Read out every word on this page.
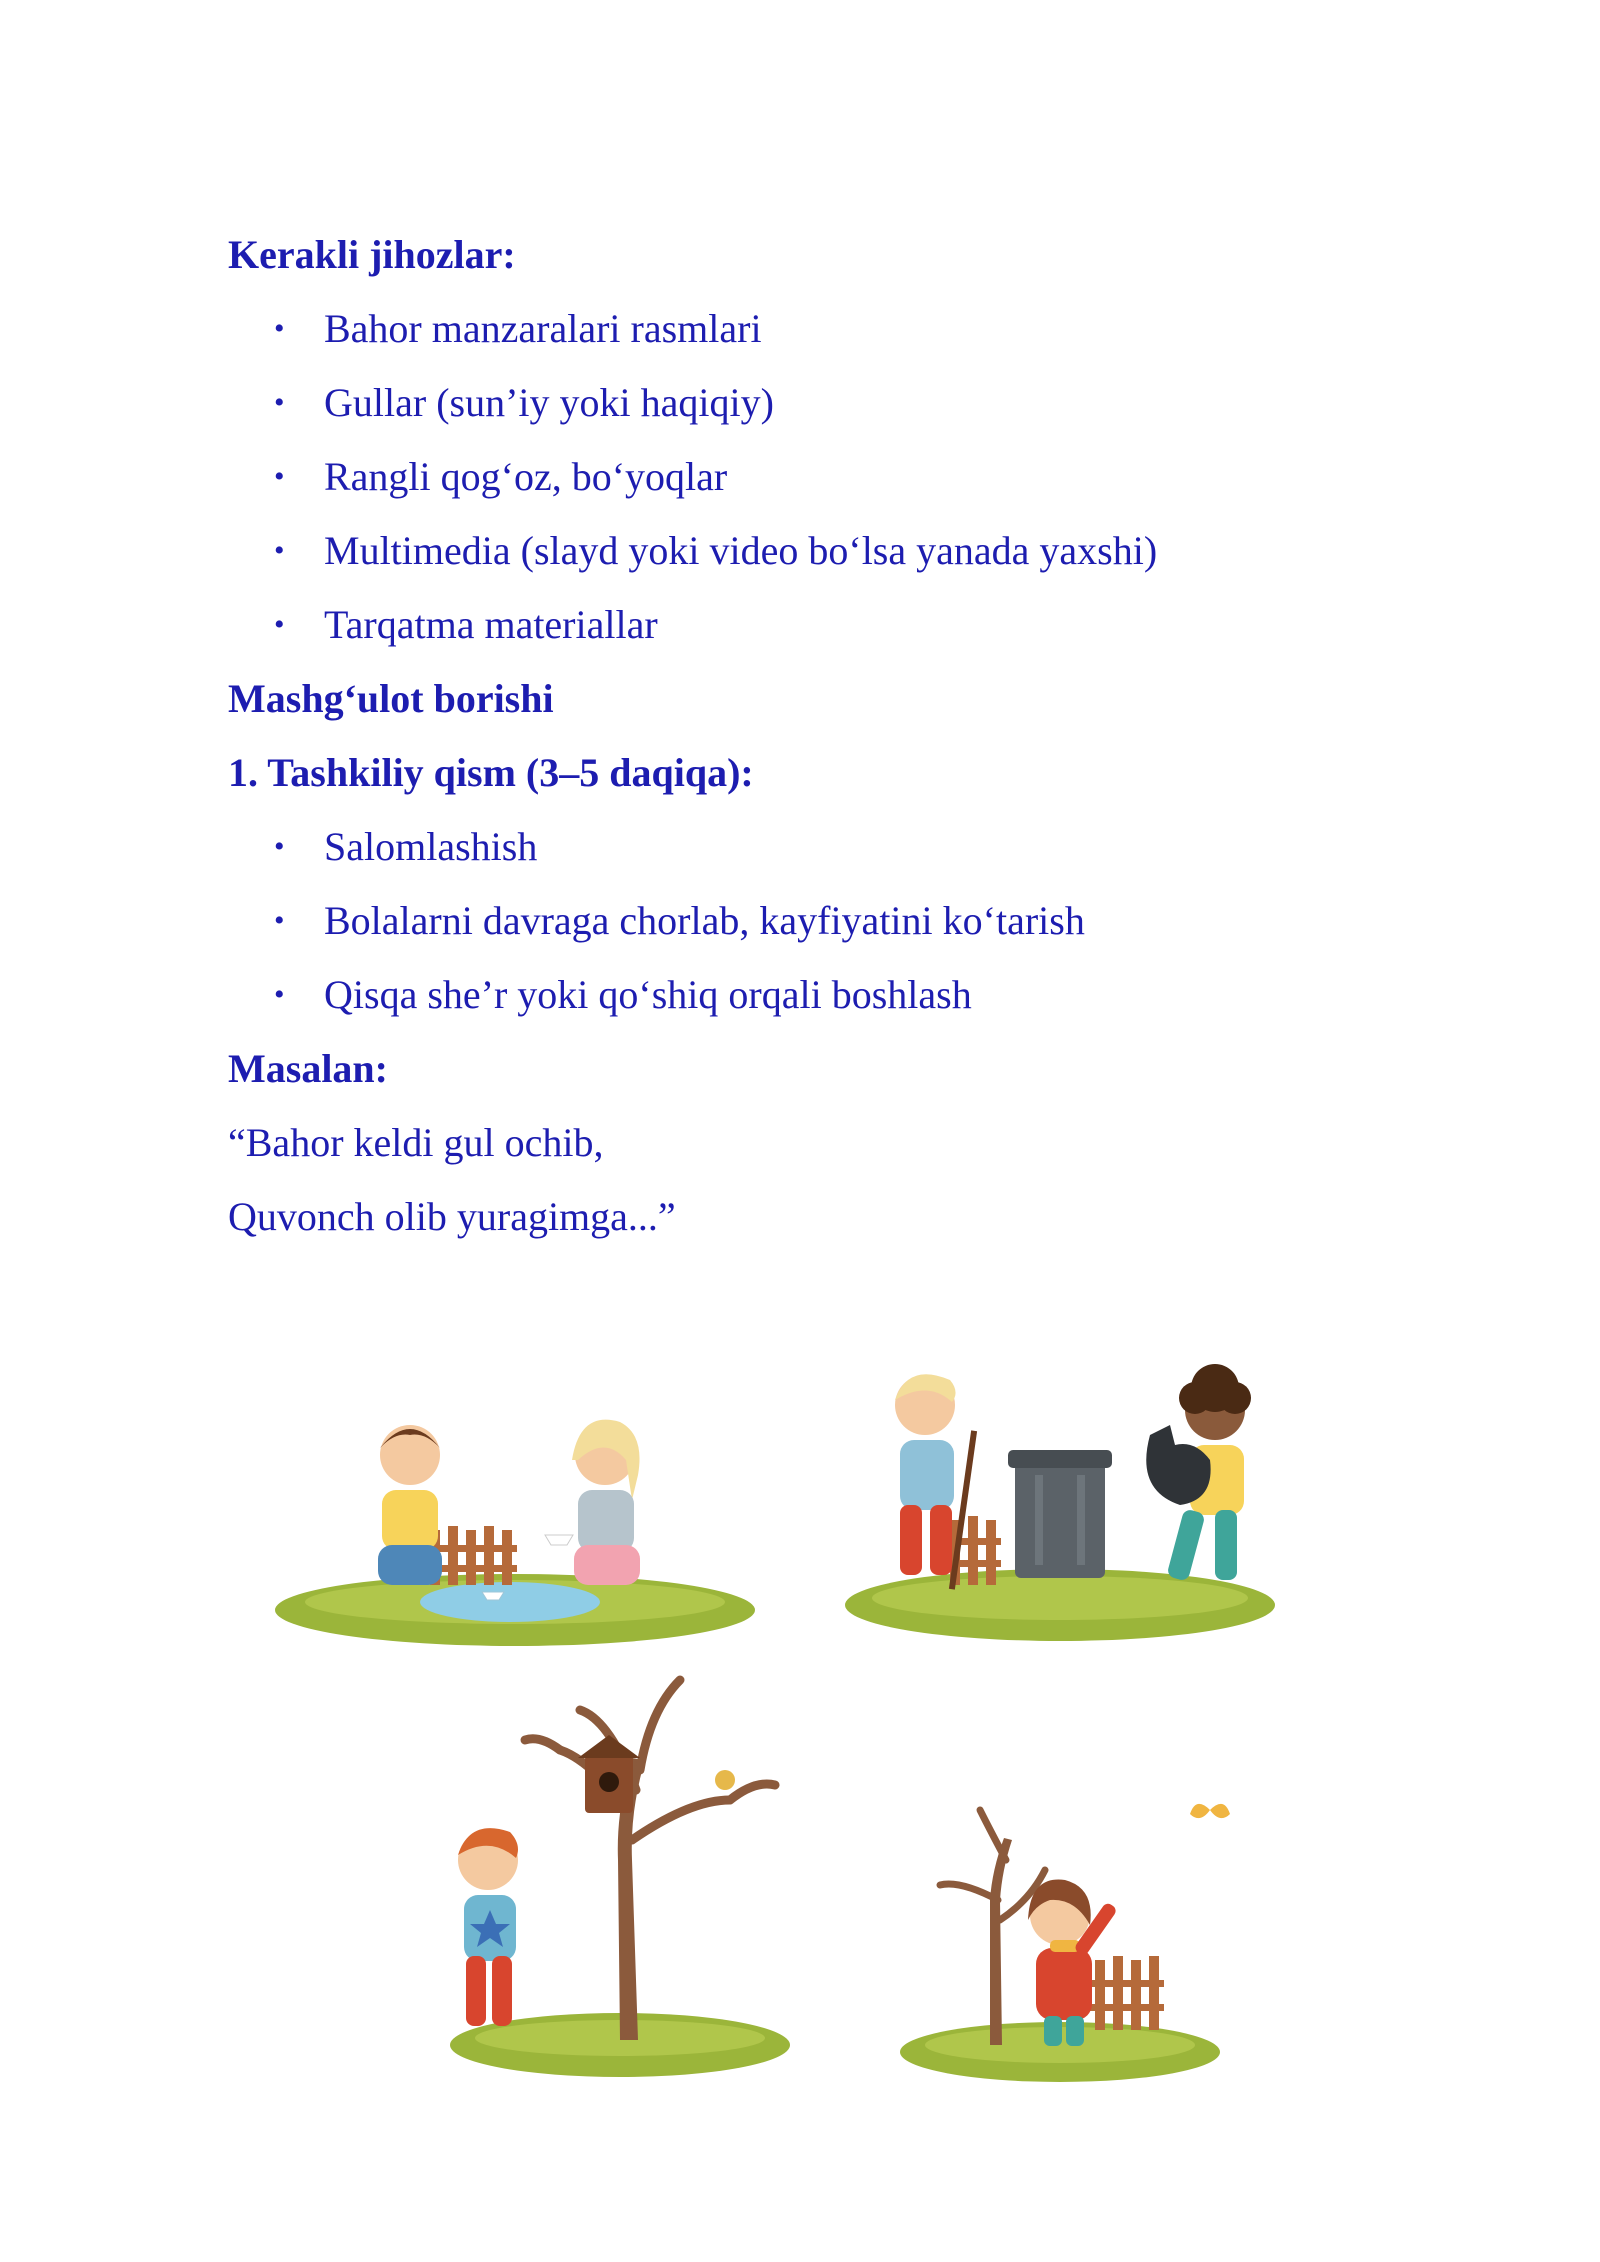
Kerakli jihozlar:
• Bahor manzaralari rasmlari
• Gullar (sun’iy yoki haqiqiy)
• Rangli qog‘oz, bo‘yoqlar
• Multimedia (slayd yoki video bo‘lsa yanada yaxshi)
• Tarqatma materiallar
Mashg‘ulot borishi
1. Tashkiliy qism (3–5 daqiqa):
• Salomlashish
• Bolalarni davraga chorlab, kayfiyatini ko‘tarish
• Qisqa she’r yoki qo‘shiq orqali boshlash
Masalan:
“Bahor keldi gul ochib,
Quvonch olib yuragimga...”
